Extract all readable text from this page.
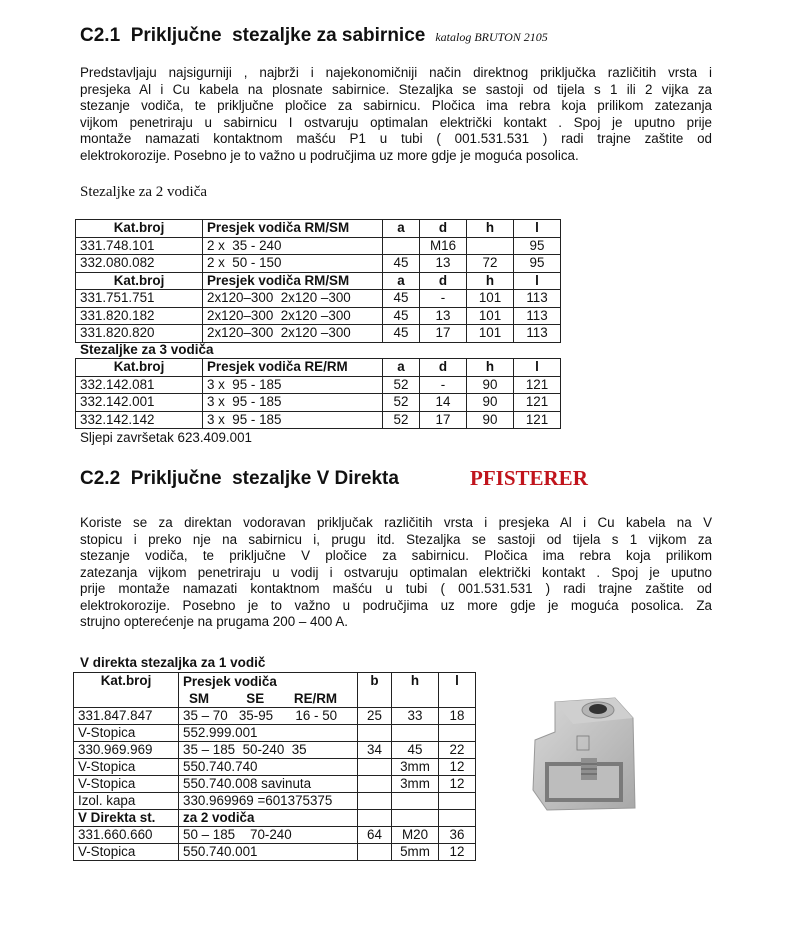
C2.1  Priključne  stezaljke za sabirnice katalog BRUTON 2105
Predstavljaju najsigurniji , najbrži i najekonomičniji način direktnog priključka različitih vrsta i
presjeka Al i Cu kabela na plosnate sabirnice. Stezaljka se sastoji od tijela s 1 ili 2 vijka za
stezanje vodiča, te priključne pločice za sabirnicu. Pločica ima rebra koja prilikom zatezanja
vijkom penetriraju u sabirnicu I ostvaruju optimalan električki kontakt . Spoj je uputno prije
montaže namazati kontaktnom mašću P1 u tubi ( 001.531.531 ) radi trajne zaštite od
elektrokorozije. Posebno je to važno u područjima uz more gdje je moguća posolica.
Stezaljke za 2 vodiča
Kat.broj	Presjek vodiča RM/SM	a	d	h	l
331.748.101	2 x  35 - 240		M16		95
332.080.082	2 x  50 - 150	45	13	72	95
Kat.broj	Presjek vodiča RM/SM	a	d	h	l
331.751.751	2x120–300  2x120 –300	45	-	101	113
331.820.182	2x120–300  2x120 –300	45	13	101	113
331.820.820	2x120–300  2x120 –300	45	17	101	113
Stezaljke za 3 vodiča
Kat.broj	Presjek vodiča RE/RM	a	d	h	l
332.142.081	3 x  95 - 185	52	-	90	121
332.142.001	3 x  95 - 185	52	14	90	121
332.142.142	3 x  95 - 185	52	17	90	121
Sljepi završetak 623.409.001
C2.2  Priključne  stezaljke V Direkta	PFISTERER
Koriste se za direktan vodoravan priključak različitih vrsta i presjeka Al i Cu kabela na V
stopicu i preko nje na sabirnicu i, prugu itd. Stezaljka se sastoji od tijela s 1 vijkom za
stezanje vodiča, te priključne V pločice za sabirnicu. Pločica ima rebra koja prilikom
zatezanja vijkom penetriraju u vodij i ostvaruju optimalan električki kontakt . Spoj je uputno
prije montaže namazati kontaktnom mašću u tubi ( 001.531.531 ) radi trajne zaštite od
elektrokorozije. Posebno je to važno u područjima uz more gdje je moguća posolica. Za
strujno opterećenje na prugama 200 – 400 A.
V direkta stezaljka za 1 vodič
Kat.broj	Presjek vodiča
SM          SE        RE/RM	b	h	l
331.847.847	35 – 70   35-95      16 - 50	25	33	18
V-Stopica	552.999.001			
330.969.969	35 – 185  50-240  35	34	45	22
V-Stopica	550.740.740		3mm	12
V-Stopica	550.740.008 savinuta		3mm	12
Izol. kapa	330.969969 =601375375			
V Direkta st.	za 2 vodiča			
331.660.660	50 – 185    70-240	64	M20	36
V-Stopica	550.740.001		5mm	12
